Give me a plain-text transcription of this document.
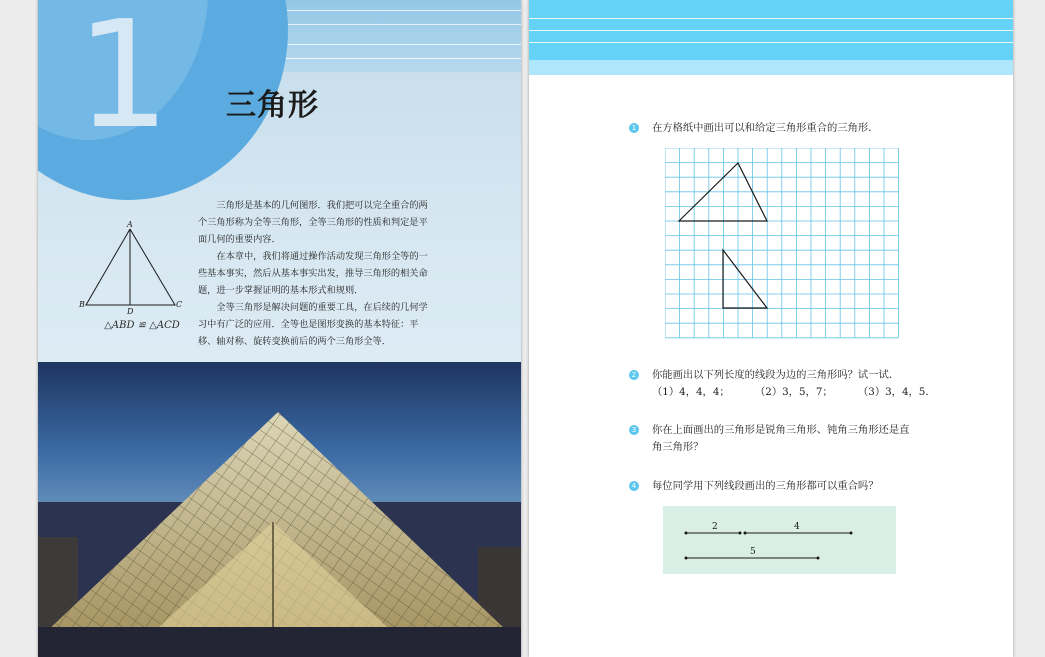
1 三角形
A
B	C
D
△ABD ≌ △ACD

三角形是基本的几何图形．我们把可以完全重合的两个三角形称为全等三角形，全等三角形的性质和判定是平面几何的重要内容．

在本章中，我们将通过操作活动发现三角形全等的一些基本事实，然后从基本事实出发，推导三角形的相关命题，进一步掌握证明的基本形式和规则．

全等三角形是解决问题的重要工具，在后续的几何学习中有广泛的应用．全等也是图形变换的基本特征：平移、轴对称、旋转变换前后的两个三角形全等．

1 在方格纸中画出可以和给定三角形重合的三角形．
2 你能画出以下列长度的线段为边的三角形吗？试一试．
（1）4，4，4； （2）3，5，7； （3）3，4，5．
3 你在上面画出的三角形是锐角三角形、钝角三角形还是直
角三角形？
4 每位同学用下列线段画出的三角形都可以重合吗？
2	4
5
